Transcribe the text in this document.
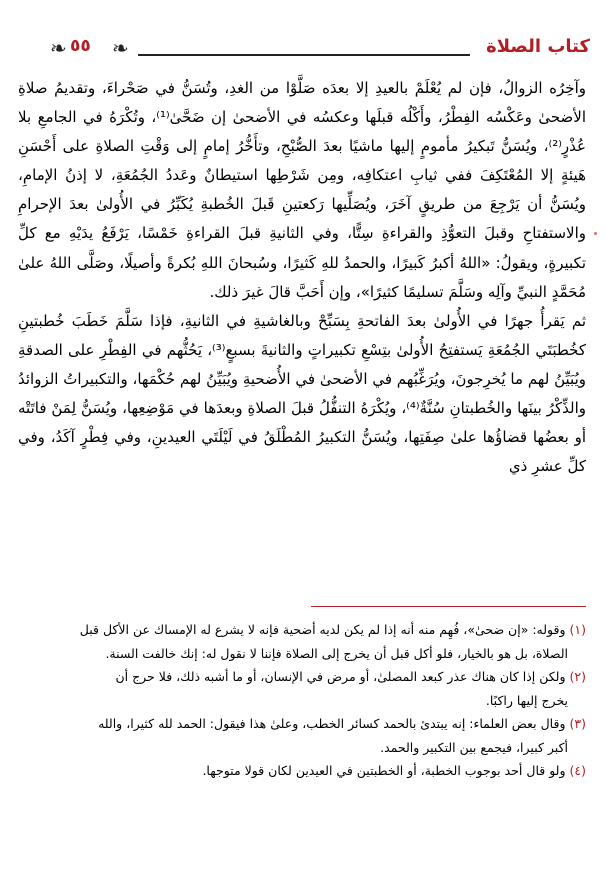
كتاب الصلاة
❧
٥٥
❧

وآخِرُه الزوالُ، فإن لم يُعْلَمْ بالعيدِ إلا بعدَه صَلَّوْا من الغدِ، وتُسَنُّ في صَحْراءَ، وتقديمُ صلاةِ الأضحىٰ وعَكْسُه الفِطْرُ، وأَكْلُه قبلَها وعكسُه في الأضحىٰ إن ضَحَّىٰ⁽¹⁾، وتُكْرَهُ في الجامعِ بلا عُذْرٍ⁽²⁾، ويُسَنُّ تَبكيرُ مأمومٍ إليها ماشيًا بعدَ الصُّبْحِ، وتأَخُّرُ إمامٍ إلى وَقْتِ الصلاةِ على أَحْسَنِ هَيئةٍ إلا المُعْتَكِفَ ففي ثيابِ اعتكافِه، ومِن شَرْطِها استيطانٌ وعَددُ الجُمُعَةِ، لا إذنُ الإمامِ، ويُسَنُّ أن يَرْجِعَ من طريقٍ آخَرَ، ويُصَلِّيها رَكعتينِ قَبلَ الخُطبةِ يُكَبِّرُ في الأُولىٰ بعدَ الإحرامِ والاستفتاحِ وقبلَ التعوُّذِ والقراءةِ سِتًّا، وفي الثانيةِ قبلَ القراءةِ خَمْسًا، يَرْفَعُ يدَيْهِ مع كلِّ تكبيرةٍ، ويقولُ: «اللهُ أكبرُ كَبيرًا، والحمدُ للهِ كَثيرًا، وسُبحانَ اللهِ بُكرةً وأصيلًا، وصَلَّى اللهُ علىٰ مُحَمَّدٍ النبيِّ وآلِه وسَلَّمَ تسليمًا كثيرًا»، وإن أَحَبَّ قالَ غيرَ ذلك.

ثم يَقرأُ جهرًا في الأُولىٰ بعدَ الفاتحةِ بِسَبِّحْ وبالغاشيةِ في الثانيةِ، فإذا سَلَّمَ خَطَبَ خُطبتينِ كخُطبَتَي الجُمُعَةِ يَستفتِحُ الأُولىٰ بتِسْعِ تكبيراتٍ والثانيةَ بسبعٍ⁽³⁾، يَحُثُّهم في الفِطْرِ على الصدقةِ ويُبَيِّنُ لهم ما يُخرِجونَ، ويُرَغِّبُهم في الأضحىٰ في الأُضحيةِ ويُبَيِّنُ لهم حُكْمَها، والتكبيراتُ الزوائدُ والذِّكْرُ بينَها والخُطبتانِ سُنَّةٌ⁽⁴⁾، ويُكْرَهُ التنفُّلُ قبلَ الصلاةِ وبعدَها في مَوْضِعِها، ويُسَنُّ لِمَنْ فاتَتْه أو بعضُها قضاؤُها علىٰ صِفَتِها، ويُسَنُّ التكبيرُ المُطْلَقُ في لَيْلَتَي العيدينِ، وفي فِطْرٍ آكَدُ، وفي كلِّ عشرِ ذي

(١) وقوله: «إن ضحىٰ»، فُهِم منه أنه إذا لم يكن لديه أضحية فإنه لا يشرع له الإمساك عن الأكل قبل

الصلاة، بل هو بالخيار، فلو أكل قبل أن يخرج إلى الصلاة فإننا لا نقول له: إنك خالفت السنة.

(٢) ولكن إذا كان هناك عذر كبعد المصلىٰ، أو مرض في الإنسان، أو ما أشبه ذلك، فلا حرج أن

يخرج إليها راكبًا.

(٣) وقال بعض العلماء: إنه يبتدئ بالحمد كسائر الخطب، وعلىٰ هذا فيقول: الحمد لله كثيرا، والله

أكبر كبيرا، فيجمع بين التكبير والحمد.

(٤) ولو قال أحد بوجوب الخطبة، أو الخطبتين في العيدين لكان قولا متوجها.
